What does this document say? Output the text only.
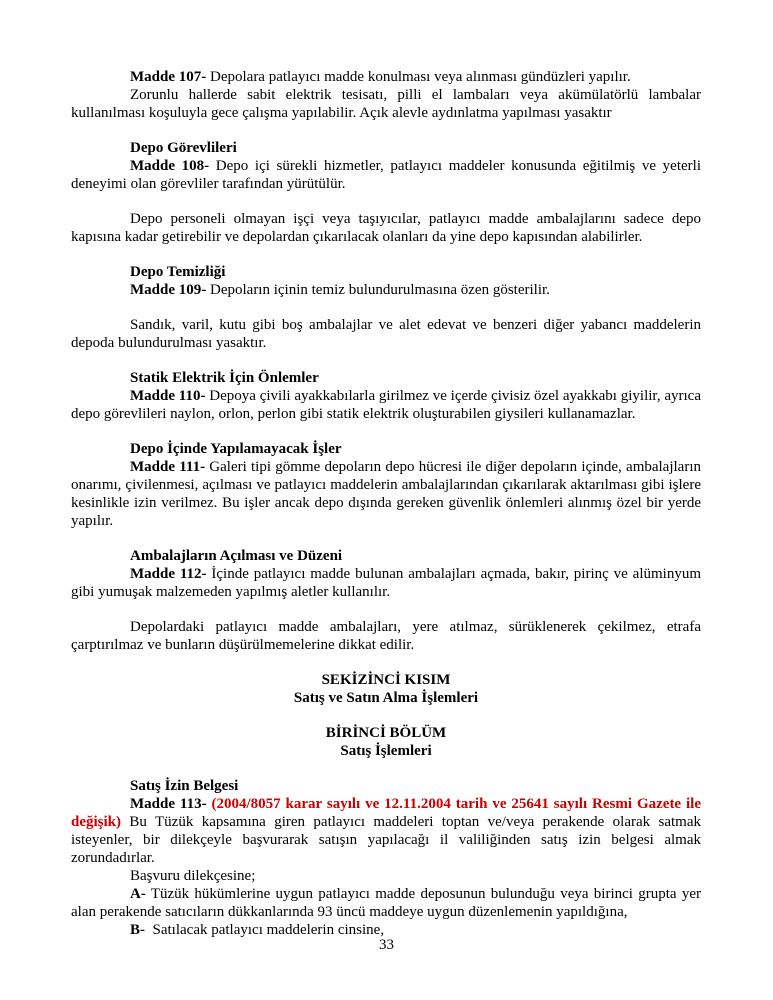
Madde 107- Depolara patlayıcı madde konulması veya alınması gündüzleri yapılır.

Zorunlu hallerde sabit elektrik tesisatı, pilli el lambaları veya akümülatörlü lambalar kullanılması koşuluyla gece çalışma yapılabilir. Açık alevle aydınlatma yapılması yasaktır

Depo Görevlileri

Madde 108- Depo içi sürekli hizmetler, patlayıcı maddeler konusunda eğitilmiş ve yeterli deneyimi olan görevliler tarafından yürütülür.

Depo personeli olmayan işçi veya taşıyıcılar, patlayıcı madde ambalajlarını sadece depo kapısına kadar getirebilir ve depolardan çıkarılacak olanları da yine depo kapısından alabilirler.

Depo Temizliği

Madde 109- Depoların içinin temiz bulundurulmasına özen gösterilir.

Sandık, varil, kutu gibi boş ambalajlar ve alet edevat ve benzeri diğer yabancı maddelerin depoda bulundurulması yasaktır.

Statik Elektrik İçin Önlemler

Madde 110- Depoya çivili ayakkabılarla girilmez ve içerde çivisiz özel ayakkabı giyilir, ayrıca depo görevlileri naylon, orlon, perlon gibi statik elektrik oluşturabilen giysileri kullanamazlar.

Depo İçinde Yapılamayacak İşler

Madde 111- Galeri tipi gömme depoların depo hücresi ile diğer depoların içinde, ambalajların onarımı, çivilenmesi, açılması ve patlayıcı maddelerin ambalajlarından çıkarılarak aktarılması gibi işlere kesinlikle izin verilmez. Bu işler ancak depo dışında gereken güvenlik önlemleri alınmış özel bir yerde yapılır.

Ambalajların Açılması ve Düzeni

Madde 112- İçinde patlayıcı madde bulunan ambalajları açmada, bakır, pirinç ve alüminyum gibi yumuşak malzemeden yapılmış aletler kullanılır.

Depolardaki patlayıcı madde ambalajları, yere atılmaz, sürüklenerek çekilmez, etrafa çarptırılmaz ve bunların düşürülmemelerine dikkat edilir.

SEKİZİNCİ KISIM

Satış ve Satın Alma İşlemleri

BİRİNCİ BÖLÜM

Satış İşlemleri

Satış İzin Belgesi

Madde 113- (2004/8057 karar sayılı ve 12.11.2004 tarih ve 25641 sayılı Resmi Gazete ile değişik) Bu Tüzük kapsamına giren patlayıcı maddeleri toptan ve/veya perakende olarak satmak isteyenler, bir dilekçeyle başvurarak satışın yapılacağı il valiliğinden satış izin belgesi almak zorundadırlar.

Başvuru dilekçesine;

A- Tüzük hükümlerine uygun patlayıcı madde deposunun bulunduğu veya birinci grupta yer alan perakende satıcıların dükkanlarında 93 üncü maddeye uygun düzenlemenin yapıldığına,

B-  Satılacak patlayıcı maddelerin cinsine,

33
